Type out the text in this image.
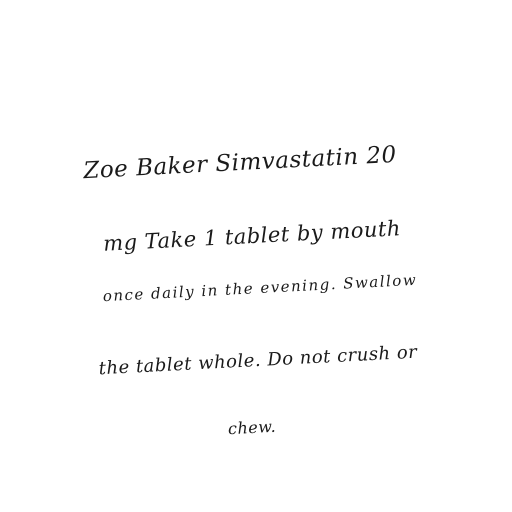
Zoe Baker Simvastatin 20
mg Take 1 tablet by mouth
once daily in the evening. Swallow
the tablet whole. Do not crush or
chew.
